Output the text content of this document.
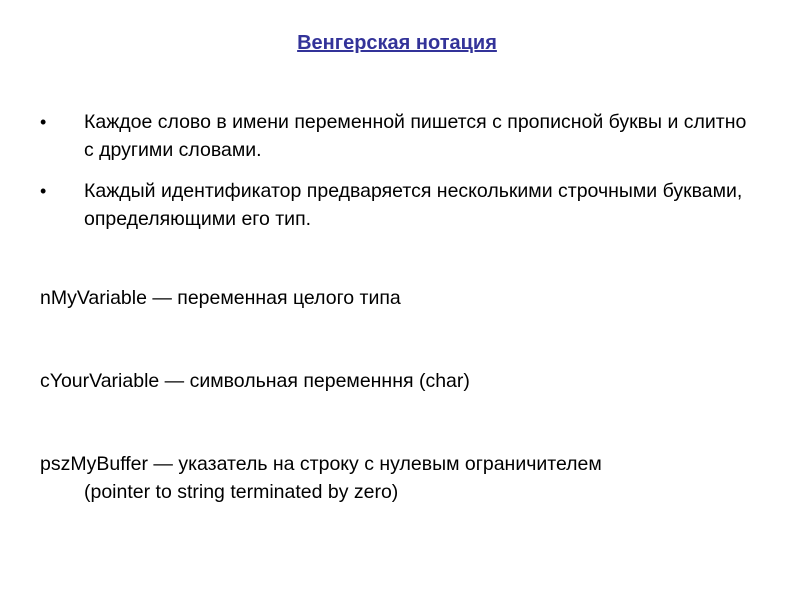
Венгерская нотация
• Каждое слово в имени переменной пишется с прописной буквы и слитно с другими словами.
• Каждый идентификатор предваряется несколькими строчными буквами, определяющими его тип.
nMyVariable — переменная целого типа
cYourVariable — символьная переменння (char)
pszMyBuffer — указатель на строку с нулевым ограничителем
(pointer to string terminated by zero)
